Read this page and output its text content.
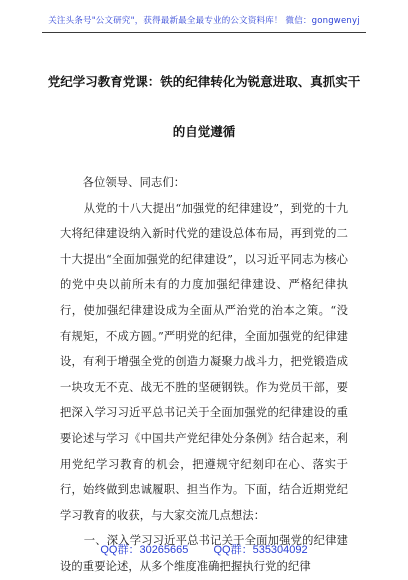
关注头条号"公文研究"，获得最新最全最专业的公文资料库！ 微信：gongwenyj
党纪学习教育党课：铁的纪律转化为锐意进取、真抓实干
的自觉遵循

各位领导、同志们：

从党的十八大提出“加强党的纪律建设”，到党的十九大将纪律建设纳入新时代党的建设总体布局，再到党的二十大提出“全面加强党的纪律建设”，以习近平同志为核心的党中央以前所未有的力度加强纪律建设、严格纪律执行，使加强纪律建设成为全面从严治党的治本之策。“没有规矩，不成方圆。”严明党的纪律，全面加强党的纪律建设，有利于增强全党的创造力凝聚力战斗力，把党锻造成一块攻无不克、战无不胜的坚硬钢铁。作为党员干部，要把深入学习习近平总书记关于全面加强党的纪律建设的重要论述与学习《中国共产党纪律处分条例》结合起来，利用党纪学习教育的机会，把遵规守纪刻印在心、落实于行，始终做到忠诚履职、担当作为。下面，结合近期党纪学习教育的收获，与大家交流几点想法：

一、深入学习习近平总书记关于全面加强党的纪律建设的重要论述，从多个维度准确把握执行党的纪律

QQ群：30265665 QQ群：535304092
